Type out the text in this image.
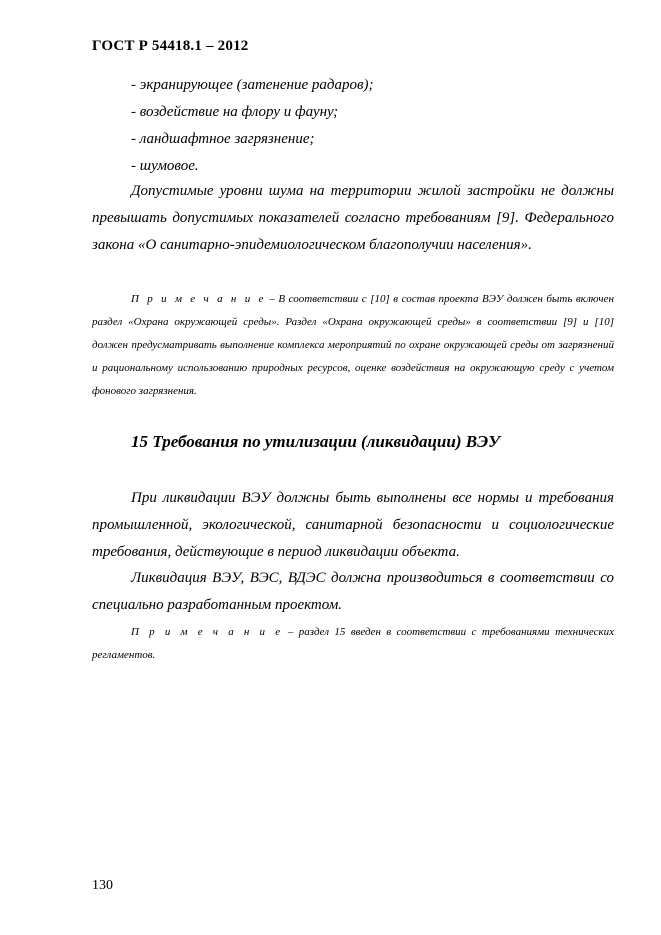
ГОСТ Р 54418.1 – 2012
- экранирующее (затенение радаров);
- воздействие на флору и фауну;
- ландшафтное загрязнение;
- шумовое.

Допустимые уровни шума на территории жилой застройки не должны превышать допустимых показателей согласно требованиям [9]. Федерального закона «О санитарно-эпидемиологическом благополучии населения».

П р и м е ч а н и е – В соответствии с [10] в состав проекта ВЭУ должен быть включен раздел «Охрана окружающей среды». Раздел «Охрана окружающей среды» в соответствии [9] и [10] должен предусматривать выполнение комплекса мероприятий по охране окружающей среды от загрязнений и рациональному использованию природных ресурсов, оценке воздействия на окружающую среду с учетом фонового загрязнения.

15 Требования по утилизации (ликвидации) ВЭУ

При ликвидации ВЭУ должны быть выполнены все нормы и требования промышленной, экологической, санитарной безопасности и социологические требования, действующие в период ликвидации объекта.

Ликвидация ВЭУ, ВЭС, ВДЭС должна производиться в соответствии со специально разработанным проектом.

П р и м е ч а н и е – раздел 15 введен в соответствии с требованиями технических регламентов.

130
